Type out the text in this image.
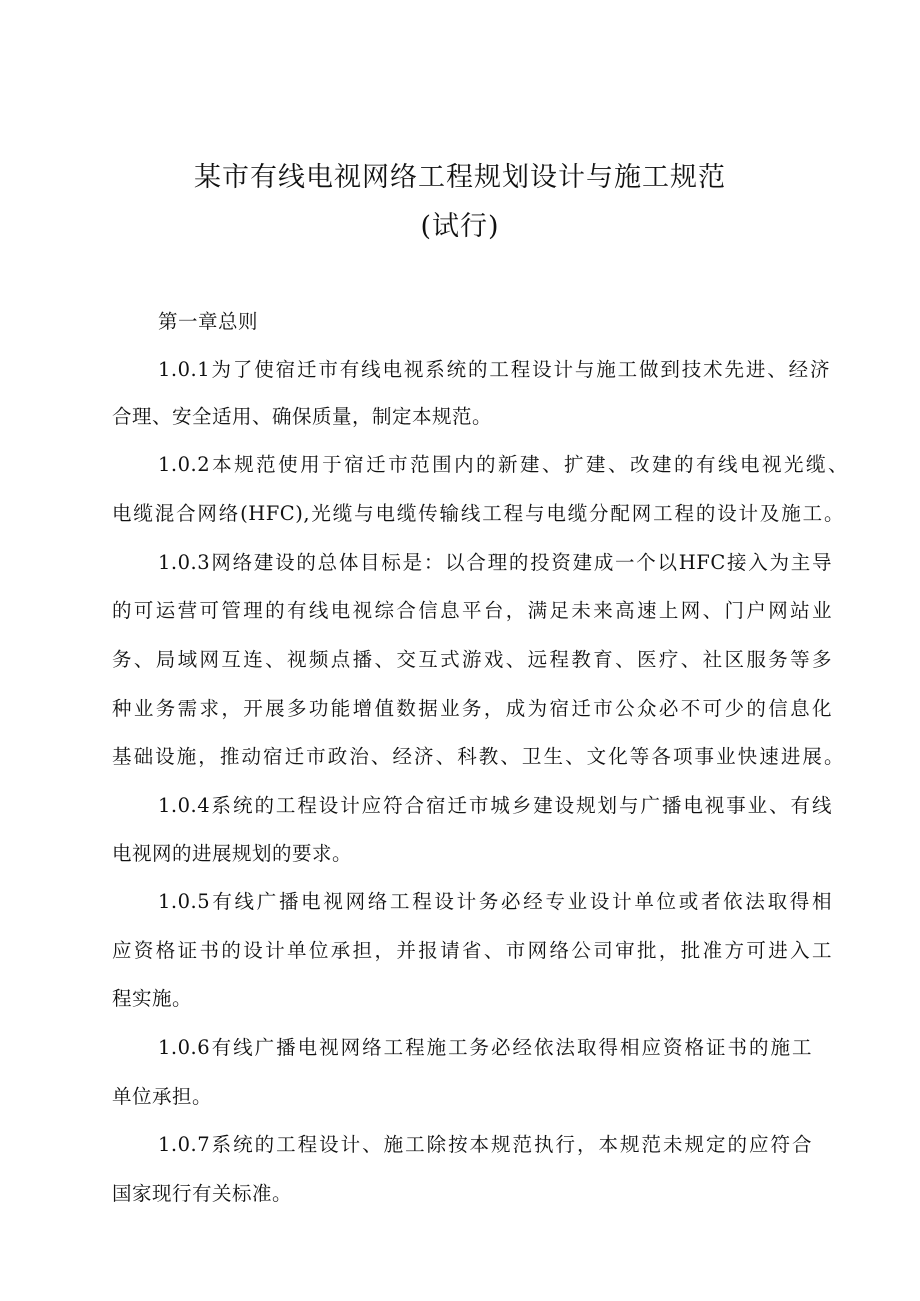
某市有线电视网络工程规划设计与施工规范
(试行)
第一章总则
1.0.1为了使宿迁市有线电视系统的工程设计与施工做到技术先进、经济
合理、安全适用、确保质量，制定本规范。
1.0.2本规范使用于宿迁市范围内的新建、扩建、改建的有线电视光缆、
电缆混合网络(HFC),光缆与电缆传输线工程与电缆分配网工程的设计及施工。
1.0.3网络建设的总体目标是：以合理的投资建成一个以HFC接入为主导
的可运营可管理的有线电视综合信息平台，满足未来高速上网、门户网站业
务、局域网互连、视频点播、交互式游戏、远程教育、医疗、社区服务等多
种业务需求，开展多功能增值数据业务，成为宿迁市公众必不可少的信息化
基础设施，推动宿迁市政治、经济、科教、卫生、文化等各项事业快速进展。
1.0.4系统的工程设计应符合宿迁市城乡建设规划与广播电视事业、有线
电视网的进展规划的要求。
1.0.5有线广播电视网络工程设计务必经专业设计单位或者依法取得相
应资格证书的设计单位承担，并报请省、市网络公司审批，批准方可进入工
程实施。
1.0.6有线广播电视网络工程施工务必经依法取得相应资格证书的施工
单位承担。
1.0.7系统的工程设计、施工除按本规范执行，本规范未规定的应符合
国家现行有关标准。
